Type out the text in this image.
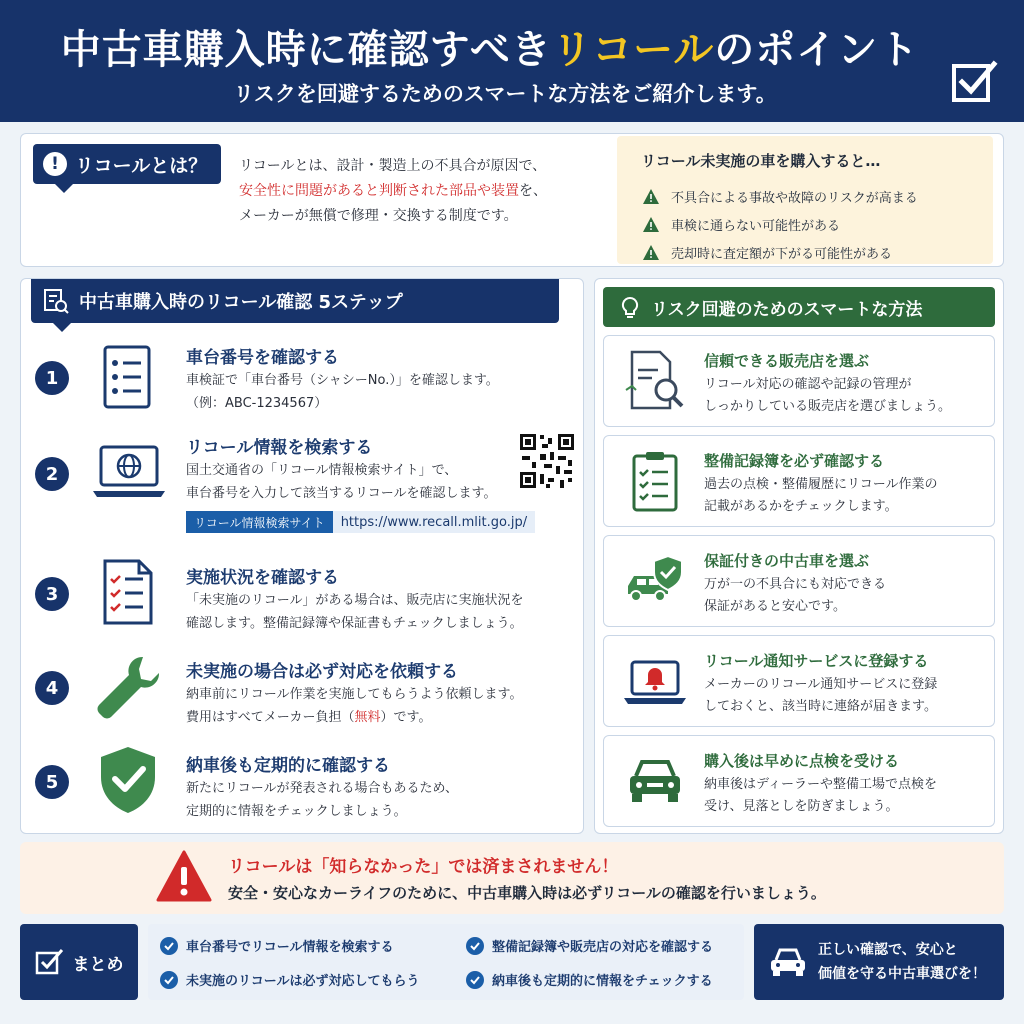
中古車購入時に確認すべきリコールのポイント
リスクを回避するためのスマートな方法をご紹介します。
! リコールとは？ リコールとは、設計・製造上の不具合が原因で、
安全性に問題があると判断された部品や装置を、
メーカーが無償で修理・交換する制度です。
リコール未実施の車を購入すると…
不具合による事故や故障のリスクが高まる
車検に通らない可能性がある
売却時に査定額が下がる可能性がある
中古車購入時のリコール確認 5ステップ
1
車台番号を確認する
車検証で「車台番号（シャシーNo.）」を確認します。
（例：ABC-1234567）
2
リコール情報を検索する
国土交通省の「リコール情報検索サイト」で、
車台番号を入力して該当するリコールを確認します。
リコール情報検索サイト	https://www.recall.mlit.go.jp/
3
実施状況を確認する
「未実施のリコール」がある場合は、販売店に実施状況を
確認します。整備記録簿や保証書もチェックしましょう。
4
未実施の場合は必ず対応を依頼する
納車前にリコール作業を実施してもらうよう依頼します。
費用はすべてメーカー負担（無料）です。
5
納車後も定期的に確認する
新たにリコールが発表される場合もあるため、
定期的に情報をチェックしましょう。
リスク回避のためのスマートな方法
信頼できる販売店を選ぶ
リコール対応の確認や記録の管理が
しっかりしている販売店を選びましょう。
整備記録簿を必ず確認する
過去の点検・整備履歴にリコール作業の
記載があるかをチェックします。
保証付きの中古車を選ぶ
万が一の不具合にも対応できる
保証があると安心です。
リコール通知サービスに登録する
メーカーのリコール通知サービスに登録
しておくと、該当時に連絡が届きます。
購入後は早めに点検を受ける
納車後はディーラーや整備工場で点検を
受け、見落としを防ぎましょう。
リコールは「知らなかった」では済まされません！
安全・安心なカーライフのために、中古車購入時は必ずリコールの確認を行いましょう。
まとめ
車台番号でリコール情報を検索する	整備記録簿や販売店の対応を確認する
未実施のリコールは必ず対応してもらう	納車後も定期的に情報をチェックする
正しい確認で、安心と
価値を守る中古車選びを！
